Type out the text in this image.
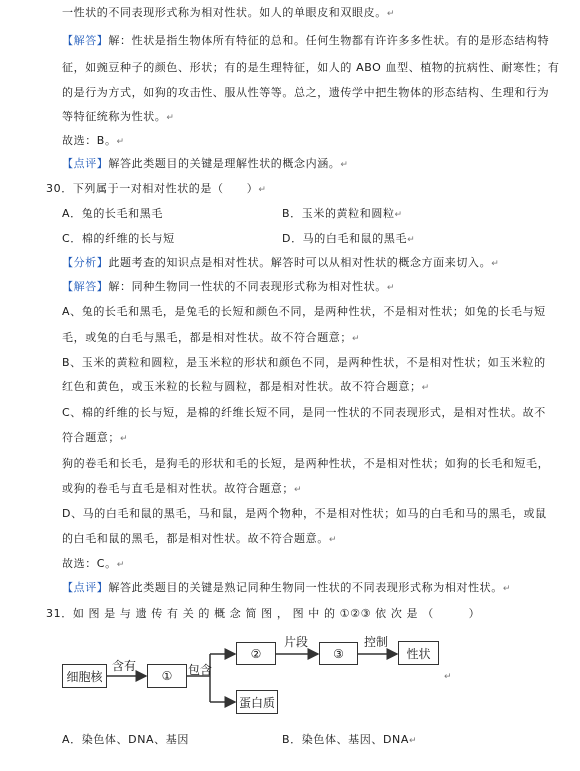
一性状的不同表现形式称为相对性状。如人的单眼皮和双眼皮。↵
【解答】解：性状是指生物体所有特征的总和。任何生物都有许许多多性状。有的是形态结构特
征，如豌豆种子的颜色、形状；有的是生理特征，如人的 ABO 血型、植物的抗病性、耐寒性；有
的是行为方式，如狗的攻击性、服从性等等。总之，遗传学中把生物体的形态结构、生理和行为
等特征统称为性状。↵
故选：B。↵
【点评】解答此类题目的关键是理解性状的概念内涵。↵
30．下列属于一对相对性状的是（　　）↵
A．兔的长毛和黑毛	B．玉米的黄粒和圆粒↵
C．棉的纤维的长与短	D．马的白毛和鼠的黑毛↵
【分析】此题考查的知识点是相对性状。解答时可以从相对性状的概念方面来切入。↵
【解答】解：同种生物同一性状的不同表现形式称为相对性状。↵
A、兔的长毛和黑毛，是兔毛的长短和颜色不同，是两种性状，不是相对性状；如兔的长毛与短
毛，或兔的白毛与黑毛，都是相对性状。故不符合题意；↵
B、玉米的黄粒和圆粒，是玉米粒的形状和颜色不同，是两种性状，不是相对性状；如玉米粒的
红色和黄色，或玉米粒的长粒与圆粒，都是相对性状。故不符合题意；↵
C、棉的纤维的长与短，是棉的纤维长短不同，是同一性状的不同表现形式，是相对性状。故不
符合题意；↵
狗的卷毛和长毛，是狗毛的形状和毛的长短，是两种性状，不是相对性状；如狗的长毛和短毛，
或狗的卷毛与直毛是相对性状。故符合题意；↵
D、马的白毛和鼠的黑毛，马和鼠，是两个物种，不是相对性状；如马的白毛和马的黑毛，或鼠
的白毛和鼠的黑毛，都是相对性状。故不符合题意。↵
故选：C。↵
【点评】解答此类题目的关键是熟记同种生物同一性状的不同表现形式称为相对性状。↵
31．如 图 是 与 遗 传 有 关 的 概 念 简 图 ， 图 中 的 ①②③ 依 次 是 （　　　）
细胞核
含有
① 包含
②
片段
③
控制
性状
蛋白质
↵
A．染色体、DNA、基因	B．染色体、基因、DNA↵
